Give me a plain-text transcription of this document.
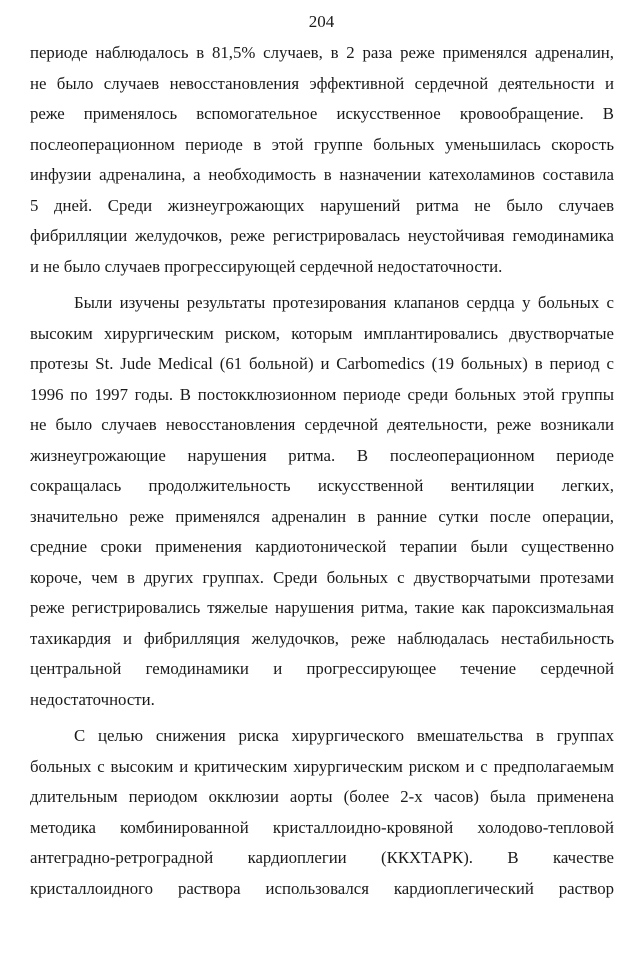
204
периоде наблюдалось в 81,5% случаев, в 2 раза реже применялся адреналин,
не было случаев невосстановления эффективной сердечной деятельности и
реже применялось вспомогательное искусственное кровообращение. В
послеоперационном периоде в этой группе больных уменьшилась скорость
инфузии адреналина, а необходимость в назначении катехоламинов составила
5 дней. Среди жизнеугрожающих нарушений ритма не было случаев
фибрилляции желудочков, реже регистрировалась неустойчивая гемодинамика
и не было случаев прогрессирующей сердечной недостаточности.
Были изучены результаты протезирования клапанов сердца у больных с
высоким хирургическим риском, которым имплантировались двустворчатые
протезы St. Jude Medical (61 больной) и Carbomedics (19 больных) в период с
1996 по 1997 годы. В постокклюзионном периоде среди больных этой группы
не было случаев невосстановления сердечной деятельности, реже возникали
жизнеугрожающие нарушения ритма. В послеоперационном периоде
сокращалась продолжительность искусственной вентиляции легких,
значительно реже применялся адреналин в ранние сутки после операции,
средние сроки применения кардиотонической терапии были существенно
короче, чем в других группах. Среди больных с двустворчатыми протезами
реже регистрировались тяжелые нарушения ритма, такие как пароксизмальная
тахикардия и фибрилляция желудочков, реже наблюдалась нестабильность
центральной гемодинамики и прогрессирующее течение сердечной
недостаточности.
С целью снижения риска хирургического вмешательства в группах
больных с высоким и критическим хирургическим риском и с предполагаемым
длительным периодом окклюзии аорты (более 2-х часов) была применена
методика комбинированной кристаллоидно-кровяной холодово-тепловой
антеградно-ретроградной кардиоплегии (ККХТАРК). В качестве
кристаллоидного раствора использовался кардиоплегический раствор
